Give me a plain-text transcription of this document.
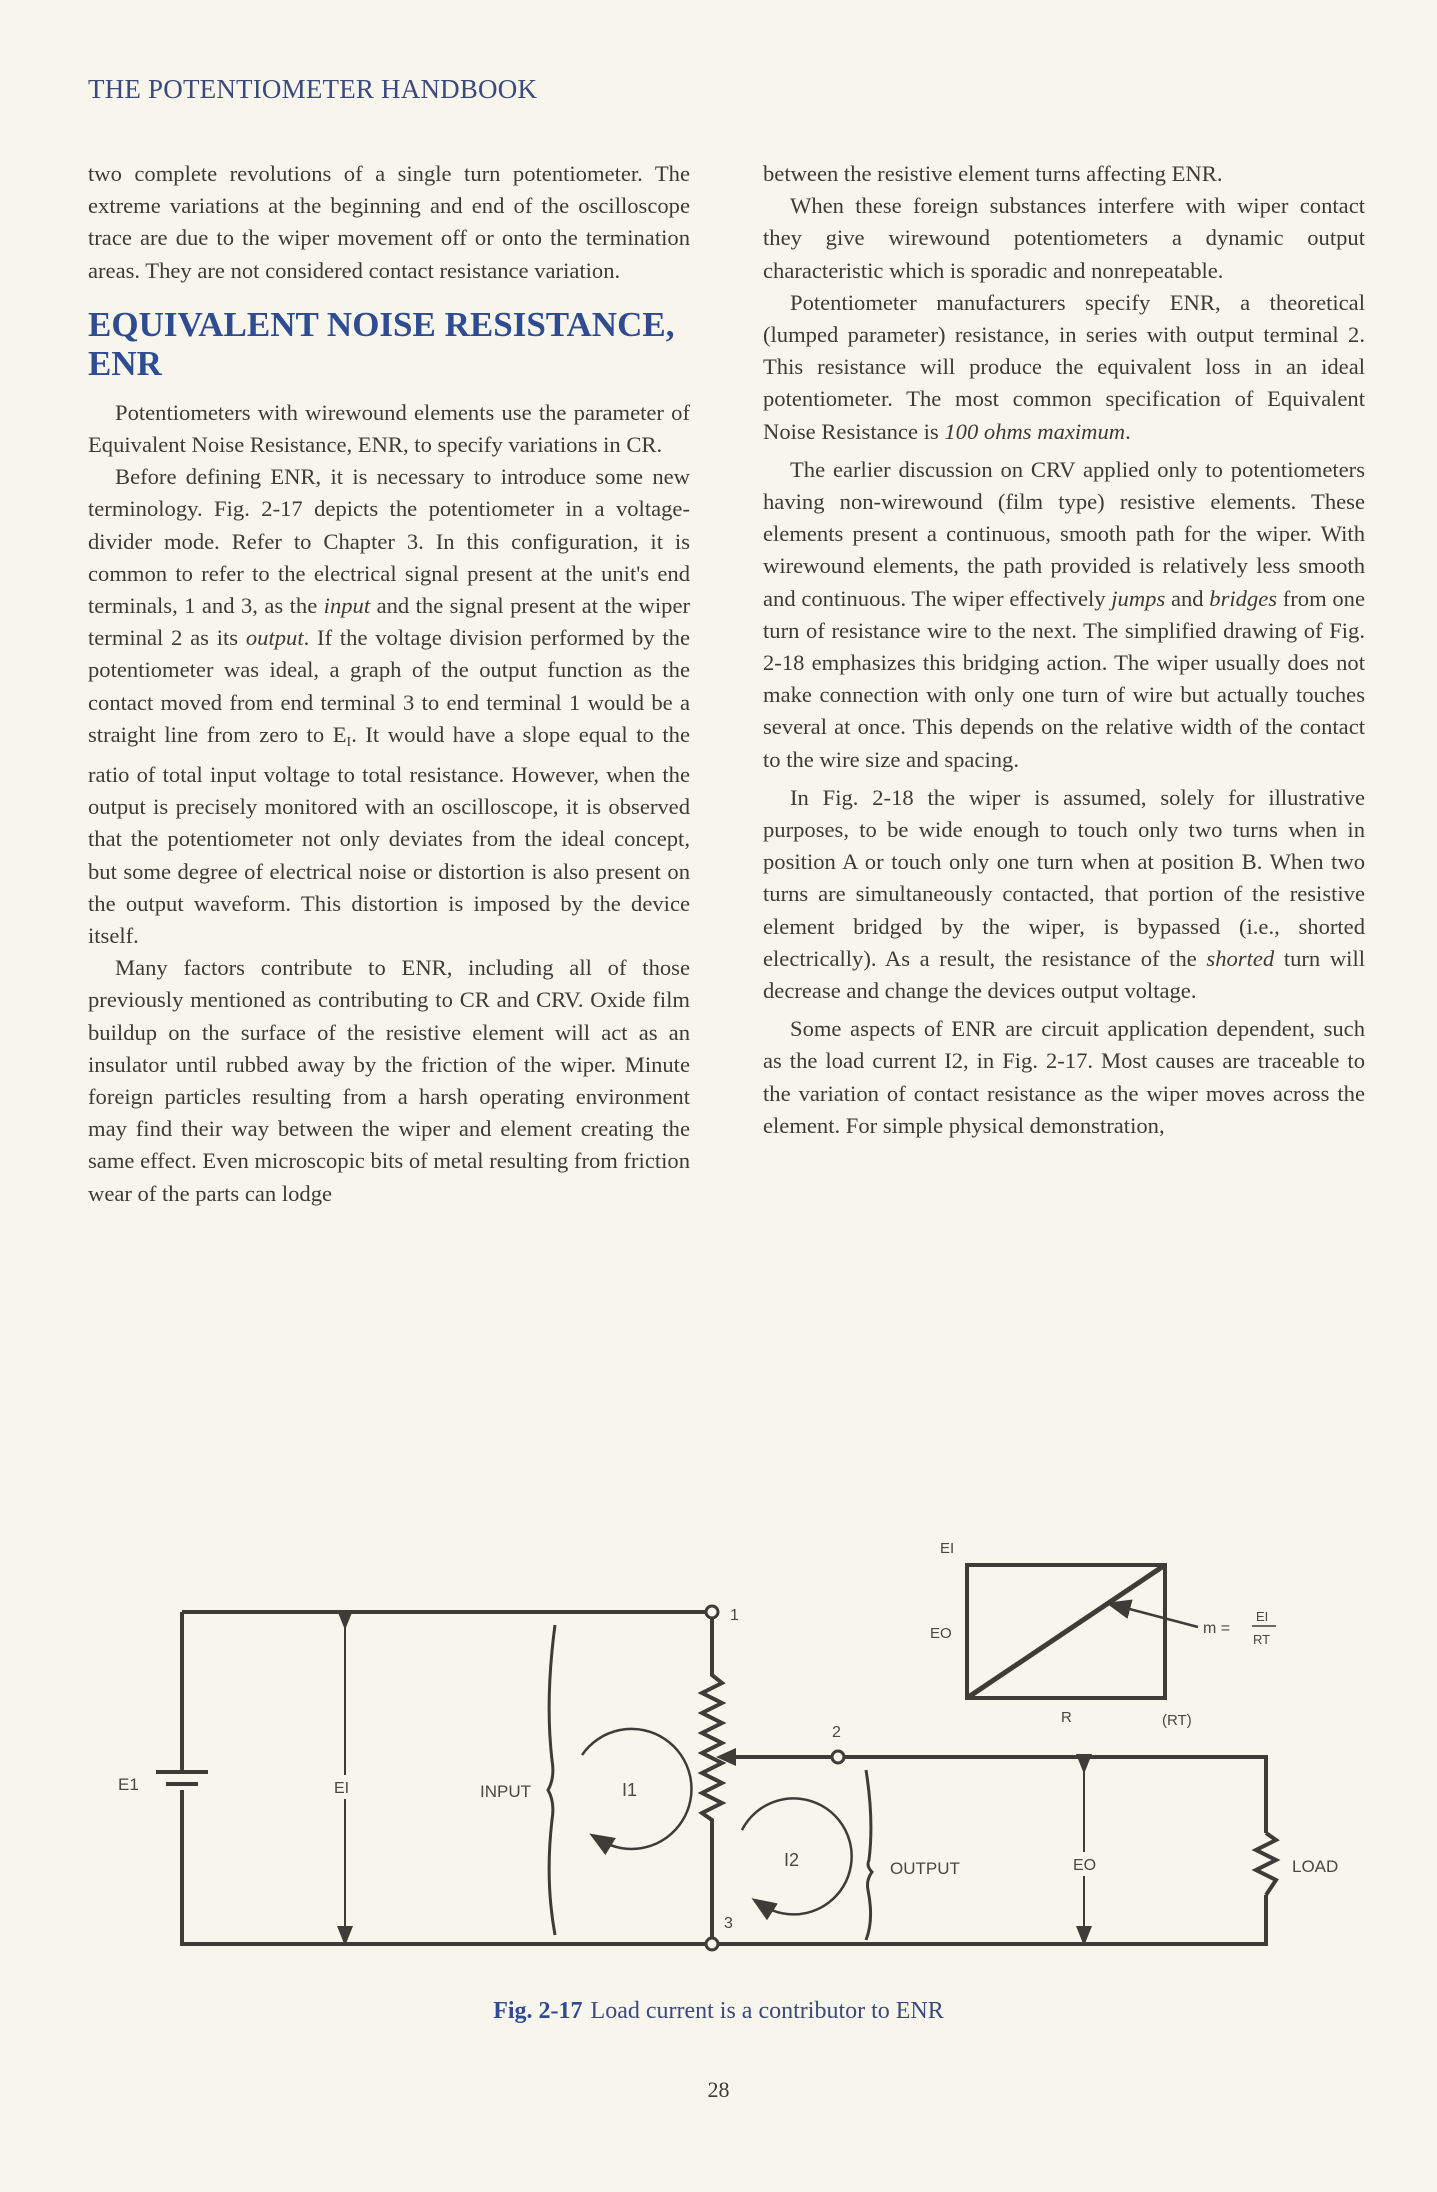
THE POTENTIOMETER HANDBOOK

two complete revolutions of a single turn potentiometer. The extreme variations at the beginning and end of the oscilloscope trace are due to the wiper movement off or onto the termination areas. They are not considered contact resistance variation.

EQUIVALENT NOISE RESISTANCE, ENR

Potentiometers with wirewound elements use the parameter of Equivalent Noise Resistance, ENR, to specify variations in CR.

Before defining ENR, it is necessary to introduce some new terminology. Fig. 2-17 depicts the potentiometer in a voltage-divider mode. Refer to Chapter 3. In this configuration, it is common to refer to the electrical signal present at the unit's end terminals, 1 and 3, as the input and the signal present at the wiper terminal 2 as its output. If the voltage division performed by the potentiometer was ideal, a graph of the output function as the contact moved from end terminal 3 to end terminal 1 would be a straight line from zero to $E_I$. It would have a slope equal to the ratio of total input voltage to total resistance. However, when the output is precisely monitored with an oscilloscope, it is observed that the potentiometer not only deviates from the ideal concept, but some degree of electrical noise or distortion is also present on the output waveform. This distortion is imposed by the device itself.

Many factors contribute to ENR, including all of those previously mentioned as contributing to CR and CRV. Oxide film buildup on the surface of the resistive element will act as an insulator until rubbed away by the friction of the wiper. Minute foreign particles resulting from a harsh operating environment may find their way between the wiper and element creating the same effect. Even microscopic bits of metal resulting from friction wear of the parts can lodge

between the resistive element turns affecting ENR.

When these foreign substances interfere with wiper contact they give wirewound potentiometers a dynamic output characteristic which is sporadic and nonrepeatable.

Potentiometer manufacturers specify ENR, a theoretical (lumped parameter) resistance, in series with output terminal 2. This resistance will produce the equivalent loss in an ideal potentiometer. The most common specification of Equivalent Noise Resistance is 100 ohms maximum.

The earlier discussion on CRV applied only to potentiometers having non-wirewound (film type) resistive elements. These elements present a continuous, smooth path for the wiper. With wirewound elements, the path provided is relatively less smooth and continuous. The wiper effectively jumps and bridges from one turn of resistance wire to the next. The simplified drawing of Fig. 2-18 emphasizes this bridging action. The wiper usually does not make connection with only one turn of wire but actually touches several at once. This depends on the relative width of the contact to the wire size and spacing.

In Fig. 2-18 the wiper is assumed, solely for illustrative purposes, to be wide enough to touch only two turns when in position A or touch only one turn when at position B. When two turns are simultaneously contacted, that portion of the resistive element bridged by the wiper, is bypassed (i.e., shorted electrically). As a result, the resistance of the shorted turn will decrease and change the devices output voltage.

Some aspects of ENR are circuit application dependent, such as the load current I2, in Fig. 2-17. Most causes are traceable to the variation of contact resistance as the wiper moves across the element. For simple physical demonstration,

E1	EI	INPUT	I1
1
3
2
LOAD
I2	OUTPUT	EO
EI
EO
R	(RT)
m =
EI
RT
Fig. 2-17 Load current is a contributor to ENR
28
